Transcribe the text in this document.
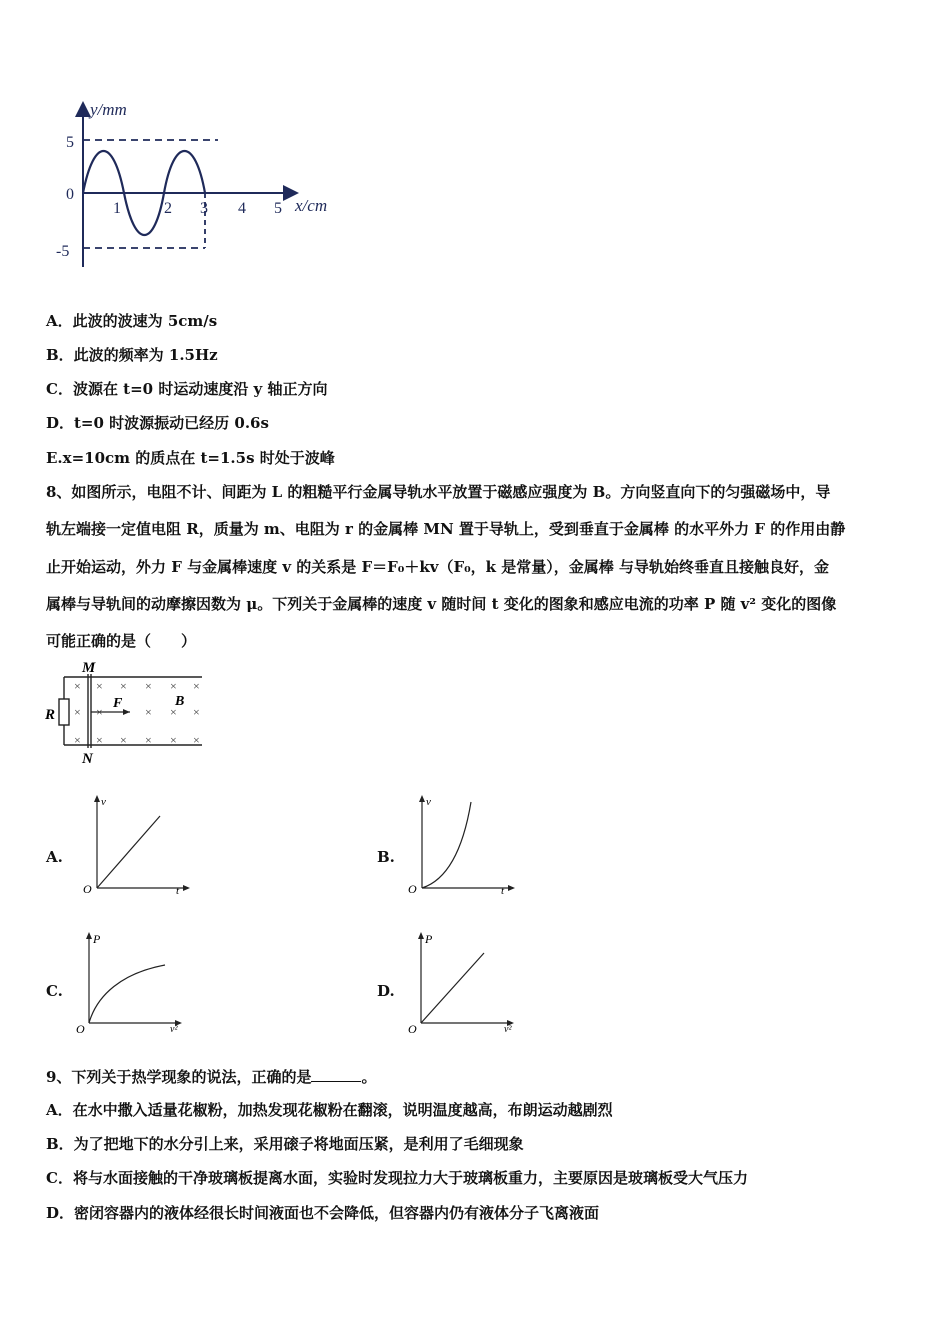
y/mm
x/cm
0
5
-5
1	2 3 4 5
A．此波的波速为 5cm/s
B．此波的频率为 1.5Hz
C．波源在 t=0 时运动速度沿 y 轴正方向
D．t=0 时波源振动已经历 0.6s
E.x=10cm 的质点在 t=1.5s 时处于波峰
8、如图所示，电阻不计、间距为 L 的粗糙平行金属导轨水平放置于磁感应强度为 B。方向竖直向下的匀强磁场中，导
轨左端接一定值电阻 R，质量为 m、电阻为 r 的金属棒 MN 置于导轨上，受到垂直于金属棒 的水平外力 F 的作用由静
止开始运动，外力 F 与金属棒速度 v 的关系是 F＝F₀＋kv（F₀，k 是常量），金属棒 与导轨始终垂直且接触良好，金
属棒与导轨间的动摩擦因数为 μ。下列关于金属棒的速度 v 随时间 t 变化的图象和感应电流的功率 P 随 v² 变化的图像
可能正确的是（　　）
M
N
R
F	B
× × × × × ×
× ×	× × ×
× × × × × ×
A.
v
t
O
B.
v
t
O
C.
P
v²
O
D.
P
v²
O
9、下列关于热学现象的说法，正确的是	。
A．在水中撒入适量花椒粉，加热发现花椒粉在翻滚，说明温度越高，布朗运动越剧烈
B．为了把地下的水分引上来，采用磙子将地面压紧，是利用了毛细现象
C．将与水面接触的干净玻璃板提离水面，实验时发现拉力大于玻璃板重力，主要原因是玻璃板受大气压力
D．密闭容器内的液体经很长时间液面也不会降低，但容器内仍有液体分子飞离液面
